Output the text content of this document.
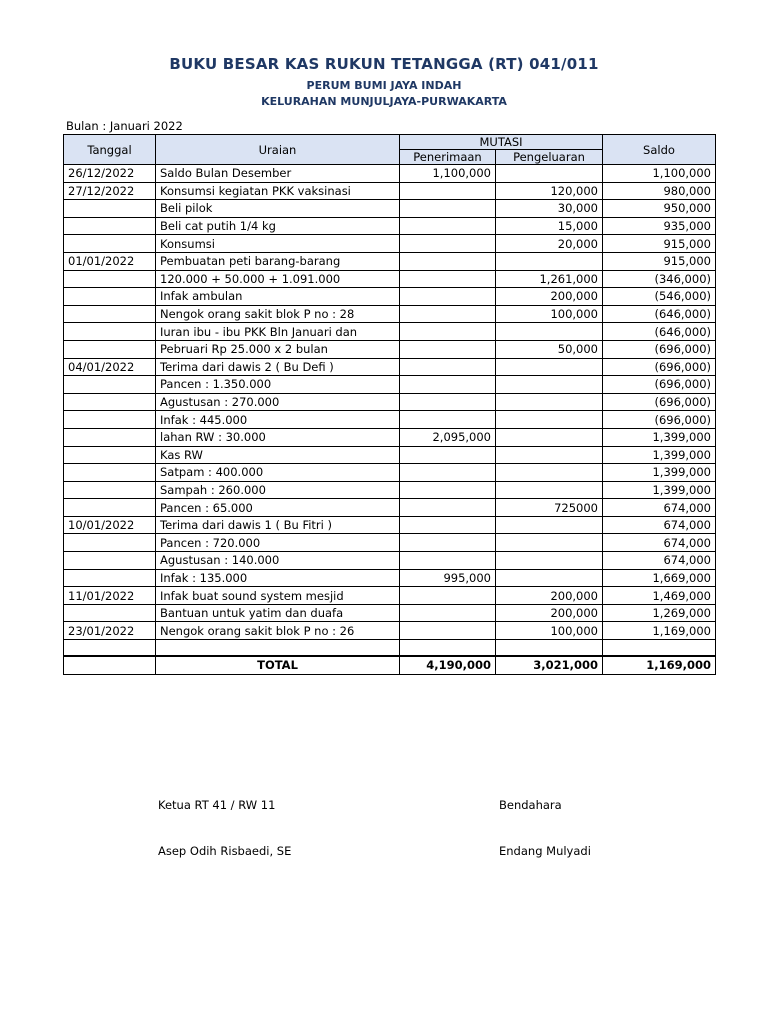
BUKU BESAR KAS RUKUN TETANGGA (RT) 041/011
PERUM BUMI JAYA INDAH
KELURAHAN MUNJULJAYA-PURWAKARTA
Bulan : Januari 2022
Tanggal	Uraian	MUTASI		Saldo
		Penerimaan	Pengeluaran	
26/12/2022	Saldo Bulan Desember	1,100,000		1,100,000
27/12/2022	Konsumsi kegiatan PKK vaksinasi		120,000	980,000
	Beli pilok		30,000	950,000
	Beli cat putih 1/4 kg		15,000	935,000
	Konsumsi		20,000	915,000
01/01/2022	Pembuatan peti barang-barang			915,000
	120.000 + 50.000 + 1.091.000		1,261,000	(346,000)
	Infak ambulan		200,000	(546,000)
	Nengok orang sakit blok P no : 28		100,000	(646,000)
	Iuran ibu - ibu PKK Bln Januari dan			(646,000)
	Pebruari Rp 25.000 x 2 bulan		50,000	(696,000)
04/01/2022	Terima dari dawis 2 ( Bu Defi )			(696,000)
	Pancen : 1.350.000			(696,000)
	Agustusan : 270.000			(696,000)
	Infak : 445.000			(696,000)
	lahan RW : 30.000	2,095,000		1,399,000
	Kas RW			1,399,000
	Satpam : 400.000			1,399,000
	Sampah : 260.000			1,399,000
	Pancen : 65.000		725000	674,000
10/01/2022	Terima dari dawis 1 ( Bu Fitri )			674,000
	Pancen : 720.000			674,000
	Agustusan : 140.000			674,000
	Infak : 135.000	995,000		1,669,000
11/01/2022	Infak buat sound system mesjid		200,000	1,469,000
	Bantuan untuk yatim dan duafa		200,000	1,269,000
23/01/2022	Nengok orang sakit blok P no : 26		100,000	1,169,000

	TOTAL	4,190,000	3,021,000	1,169,000
Ketua RT 41 / RW 11
Asep Odih Risbaedi, SE
Bendahara
Endang Mulyadi
